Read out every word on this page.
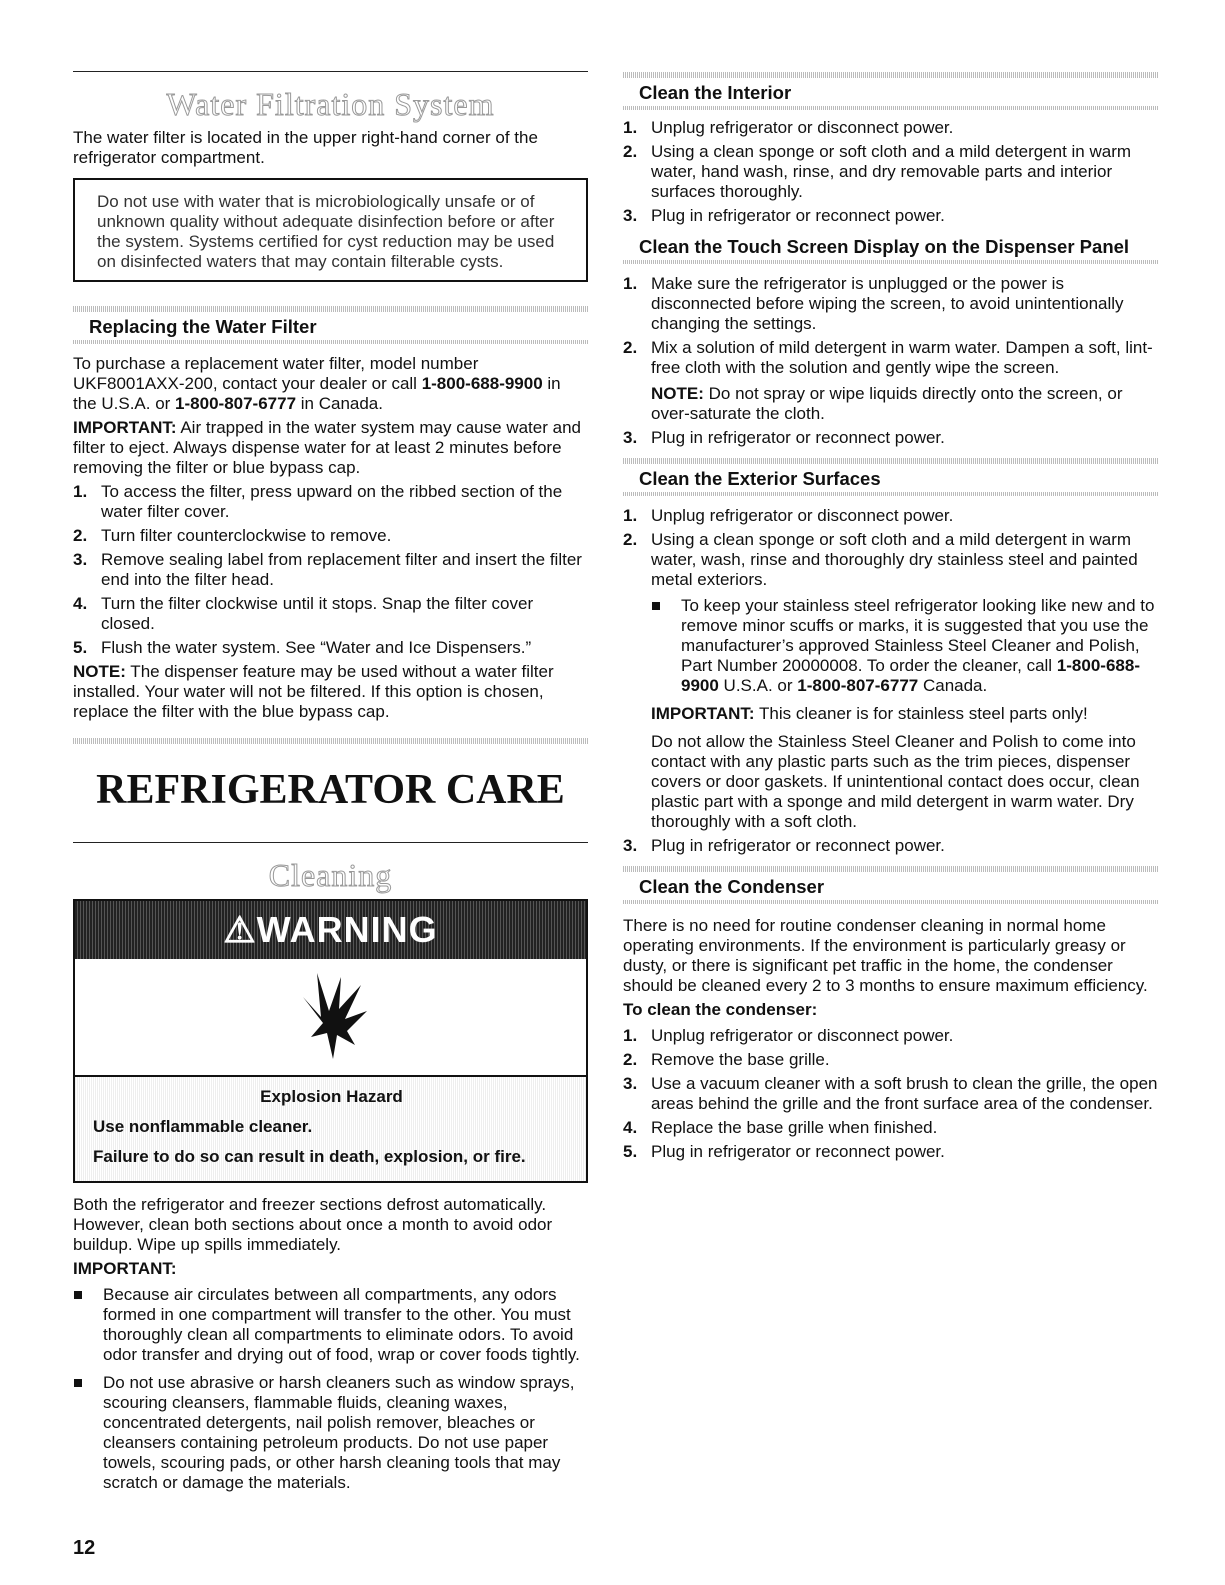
Water Filtration System

The water filter is located in the upper right-hand corner of the refrigerator compartment.

Do not use with water that is microbiologically unsafe or of unknown quality without adequate disinfection before or after the system. Systems certified for cyst reduction may be used on disinfected waters that may contain filterable cysts.
Replacing the Water Filter

To purchase a replacement water filter, model number UKF8001AXX-200, contact your dealer or call 1-800-688-9900 in the U.S.A. or 1-800-807-6777 in Canada.

IMPORTANT: Air trapped in the water system may cause water and filter to eject. Always dispense water for at least 2 minutes before removing the filter or blue bypass cap.

1. To access the filter, press upward on the ribbed section of the water filter cover.
2. Turn filter counterclockwise to remove.
3. Remove sealing label from replacement filter and insert the filter end into the filter head.
4. Turn the filter clockwise until it stops. Snap the filter cover closed.
5. Flush the water system. See “Water and Ice Dispensers.”

NOTE: The dispenser feature may be used without a water filter installed. Your water will not be filtered. If this option is chosen, replace the filter with the blue bypass cap.

REFRIGERATOR CARE
Cleaning
⚠WARNING
Explosion Hazard
Use nonflammable cleaner.
Failure to do so can result in death, explosion, or fire.

Both the refrigerator and freezer sections defrost automatically. However, clean both sections about once a month to avoid odor buildup. Wipe up spills immediately.

IMPORTANT:

Because air circulates between all compartments, any odors formed in one compartment will transfer to the other. You must thoroughly clean all compartments to eliminate odors. To avoid odor transfer and drying out of food, wrap or cover foods tightly.
Do not use abrasive or harsh cleaners such as window sprays, scouring cleansers, flammable fluids, cleaning waxes, concentrated detergents, nail polish remover, bleaches or cleansers containing petroleum products. Do not use paper towels, scouring pads, or other harsh cleaning tools that may scratch or damage the materials.
Clean the Interior
1. Unplug refrigerator or disconnect power.
2. Using a clean sponge or soft cloth and a mild detergent in warm water, hand wash, rinse, and dry removable parts and interior surfaces thoroughly.
3. Plug in refrigerator or reconnect power.
Clean the Touch Screen Display on the Dispenser Panel
1. Make sure the refrigerator is unplugged or the power is disconnected before wiping the screen, to avoid unintentionally changing the settings.
2. Mix a solution of mild detergent in warm water. Dampen a soft, lint-free cloth with the solution and gently wipe the screen.
NOTE: Do not spray or wipe liquids directly onto the screen, or over-saturate the cloth.
3. Plug in refrigerator or reconnect power.
Clean the Exterior Surfaces
1. Unplug refrigerator or disconnect power.
2. Using a clean sponge or soft cloth and a mild detergent in warm water, wash, rinse and thoroughly dry stainless steel and painted metal exteriors.
To keep your stainless steel refrigerator looking like new and to remove minor scuffs or marks, it is suggested that you use the manufacturer’s approved Stainless Steel Cleaner and Polish, Part Number 20000008. To order the cleaner, call 1-800-688-9900 U.S.A. or 1-800-807-6777 Canada.
IMPORTANT: This cleaner is for stainless steel parts only!
Do not allow the Stainless Steel Cleaner and Polish to come into contact with any plastic parts such as the trim pieces, dispenser covers or door gaskets. If unintentional contact does occur, clean plastic part with a sponge and mild detergent in warm water. Dry thoroughly with a soft cloth.
3. Plug in refrigerator or reconnect power.
Clean the Condenser

There is no need for routine condenser cleaning in normal home operating environments. If the environment is particularly greasy or dusty, or there is significant pet traffic in the home, the condenser should be cleaned every 2 to 3 months to ensure maximum efficiency.

To clean the condenser:

1. Unplug refrigerator or disconnect power.
2. Remove the base grille.
3. Use a vacuum cleaner with a soft brush to clean the grille, the open areas behind the grille and the front surface area of the condenser.
4. Replace the base grille when finished.
5. Plug in refrigerator or reconnect power.
12
